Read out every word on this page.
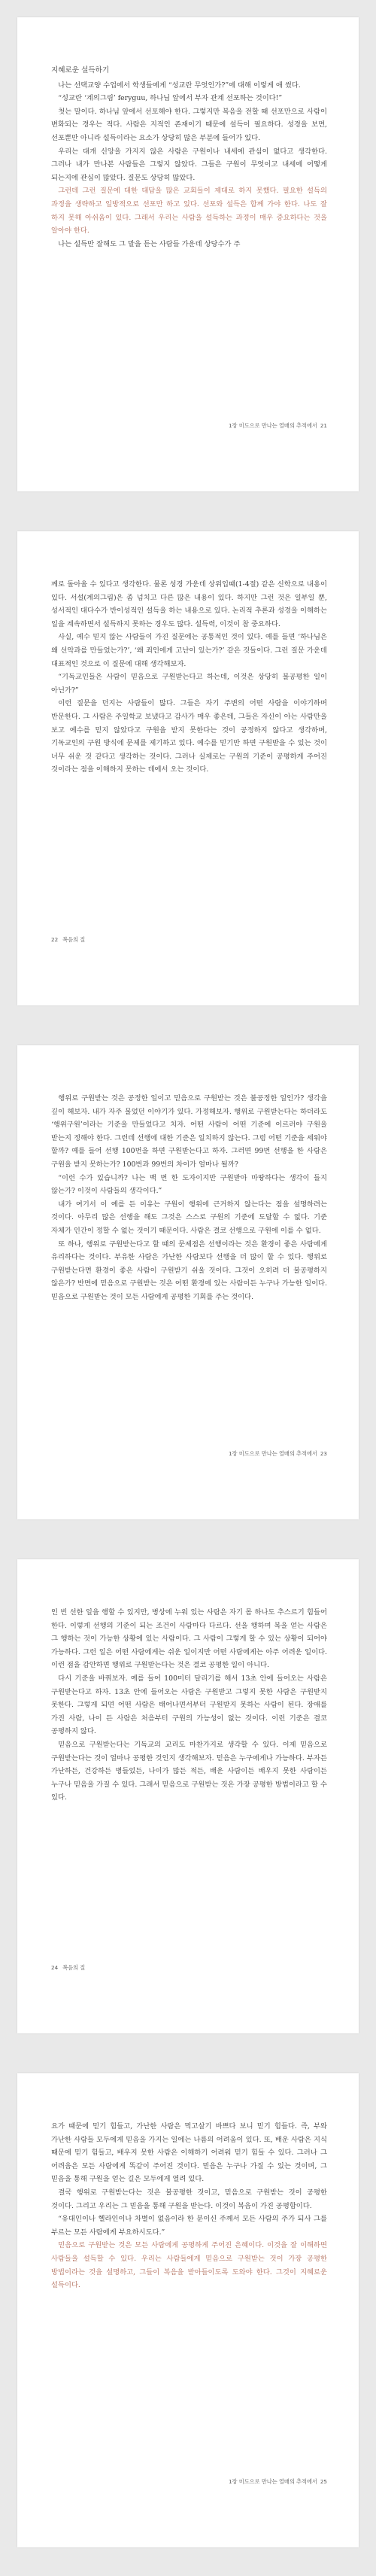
지혜로운 설득하기

나는 선택교양 수업에서 학생들에게 “성교란 무엇인가?”에 대해 이렇게 애 썼다.

“성교란 ‘계의그림’ feryguu, 하나님 앞에서 부자 관계 선포하는 것이다!”

첫는 말이다. 하나님 앞에서 선포해야 한다. 그렇지만 복음을 전할 때 선포만으로 사람이 변화되는 경우는 적다. 사람은 지적인 존재이기 때문에 설득이 필요하다. 성경을 보면, 선포뿐만 아니라 설득이라는 요소가 상당히 많은 부분에 들어가 있다.

우리는 대개 신앙을 가지지 않은 사람은 구원이나 내세에 관심이 없다고 생각한다. 그러나 내가 만나본 사람들은 그렇지 않았다. 그들은 구원이 무엇이고 내세에 어떻게 되는지에 관심이 많았다. 질문도 상당히 많았다.

그런데 그런 질문에 대한 대답을 많은 교회들이 제대로 하지 못했다. 필요한 설득의 과정을 생략하고 일방적으로 선포만 하고 있다. 선포와 설득은 함께 가야 한다. 나도 잘 하지 못해 아쉬움이 있다. 그래서 우리는 사람을 설득하는 과정이 매우 중요하다는 것을 알아야 한다.

나는 설득만 잘해도 그 말을 듣는 사람들 가운데 상당수가 주

1장 미도으로 만나는 열매의 추적에서 21

께로 돌아올 수 있다고 생각한다. 물론 성경 가운데 상위입때(1-4절) 같은 신학으로 내용이 있다. 서설(계의그림)은 좀 넘치고 다른 많은 내용이 있다. 하지만 그런 것은 일부일 뿐, 성서적인 대다수가 반이성적인 설득을 하는 내용으로 있다. 논리적 추론과 성경을 이해하는 일을 계속하면서 설득하지 못하는 경우도 많다. 설득력, 이것이 참 중요하다.

사실, 예수 믿지 않는 사람들이 가진 질문에는 공통적인 것이 있다. 예를 들면 ‘하나님은 왜 선악과를 만들었는가?’, ‘왜 죄인에게 고난이 있는가?’ 같은 것들이다. 그런 질문 가운데 대표적인 것으로 이 질문에 대해 생각해보자.

“기독교인들은 사람이 믿음으로 구원받는다고 하는데, 이것은 상당히 불공평한 일이 아닌가?”

이런 질문을 던지는 사람들이 많다. 그들은 자기 주변의 어떤 사람을 이야기하며 반문한다. 그 사람은 주일학교 보냈다고 감사가 매우 좋은데, 그들은 자신이 아는 사람만을 보고 예수를 믿지 않았다고 구원을 받지 못한다는 것이 공정하지 않다고 생각하며, 기독교인의 구원 방식에 문제를 제기하고 있다. 예수를 믿기만 하면 구원받을 수 있는 것이 너무 쉬운 것 같다고 생각하는 것이다. 그러나 실제로는 구원의 기준이 공평하게 주어진 것이라는 점을 이해하지 못하는 데에서 오는 것이다.

22 복음의 질

행위로 구원받는 것은 공정한 일이고 믿음으로 구원받는 것은 불공정한 일인가? 생각을 깊이 해보자. 내가 자주 물었던 이야기가 있다. 가정해보자. 행위로 구원받는다는 하더라도 ‘행위구원’이라는 기준을 만들었다고 치자. 어떤 사람이 어떤 기준에 이르러야 구원을 받는지 정해야 한다. 그런데 선행에 대한 기준은 일치하지 않는다. 그럼 어떤 기준을 세워야 할까? 예를 들어 선행 100번을 하면 구원받는다고 하자. 그러면 99번 선행을 한 사람은 구원을 받지 못하는가? 100번과 99번의 차이가 얼마나 될까?

“이런 수가 있습니까? 나는 백 번 한 도자이지만 구원받아 마땅하다는 생각이 들지 않는가? 이것이 사람들의 생각이다.”

내가 여기서 이 예를 든 이유는 구원이 행위에 근거하지 않는다는 점을 설명하려는 것이다. 아무리 많은 선행을 해도 그것은 스스로 구원의 기준에 도달할 수 없다. 기준 자체가 인간이 정할 수 없는 것이기 때문이다. 사람은 결코 선행으로 구원에 이를 수 없다.

또 하나, 행위로 구원받는다고 할 때의 문제점은 선행이라는 것은 환경이 좋은 사람에게 유리하다는 것이다. 부유한 사람은 가난한 사람보다 선행을 더 많이 할 수 있다. 행위로 구원받는다면 환경이 좋은 사람이 구원받기 쉬울 것이다. 그것이 오히려 더 불공평하지 않은가? 반면에 믿음으로 구원받는 것은 어떤 환경에 있는 사람이든 누구나 가능한 일이다. 믿음으로 구원받는 것이 모든 사람에게 공평한 기회를 주는 것이다.

1장 미도으로 만나는 열매의 추적에서 23

인 빈 선한 일을 행할 수 있지만, 병상에 누워 있는 사람은 자기 몸 하나도 추스르기 힘들어 한다. 이렇게 선행의 기준이 되는 조건이 사람마다 다르다. 선을 행하며 복을 얻는 사람은 그 행하는 것이 가능한 상황에 있는 사람이다. 그 사람이 그렇게 할 수 있는 상황이 되어야 가능하다. 그런 일은 어떤 사람에게는 쉬운 일이지만 어떤 사람에게는 아주 어려운 일이다. 이런 점을 감안하면 행위로 구원받는다는 것은 결코 공평한 일이 아니다.

다시 기준을 바꿔보자. 예를 들어 100미터 달리기를 해서 13초 안에 들어오는 사람은 구원받는다고 하자. 13초 안에 들어오는 사람은 구원받고 그렇지 못한 사람은 구원받지 못한다. 그렇게 되면 어떤 사람은 태어나면서부터 구원받지 못하는 사람이 된다. 장애를 가진 사람, 나이 든 사람은 처음부터 구원의 가능성이 없는 것이다. 이런 기준은 결코 공평하지 않다.

믿음으로 구원받는다는 기독교의 교리도 마찬가지로 생각할 수 있다. 이제 믿음으로 구원받는다는 것이 얼마나 공평한 것인지 생각해보자. 믿음은 누구에게나 가능하다. 부자든 가난하든, 건강하든 병들었든, 나이가 많든 적든, 배운 사람이든 배우지 못한 사람이든 누구나 믿음을 가질 수 있다. 그래서 믿음으로 구원받는 것은 가장 공평한 방법이라고 할 수 있다.

24 복음의 질

요가 때문에 믿기 힘들고, 가난한 사람은 먹고살기 바쁘다 보니 믿기 힘들다. 즉, 부와 가난한 사람들 모두에게 믿음을 가지는 일에는 나름의 어려움이 있다. 또, 배운 사람은 지식 때문에 믿기 힘들고, 배우지 못한 사람은 이해하기 어려워 믿기 힘들 수 있다. 그러나 그 어려움은 모든 사람에게 똑같이 주어진 것이다. 믿음은 누구나 가질 수 있는 것이며, 그 믿음을 통해 구원을 얻는 길은 모두에게 열려 있다.

결국 행위로 구원받는다는 것은 불공평한 것이고, 믿음으로 구원받는 것이 공평한 것이다. 그리고 우리는 그 믿음을 통해 구원을 받는다. 이것이 복음이 가진 공평함이다.

“유대인이나 헬라인이나 차별이 없음이라 한 분이신 주께서 모든 사람의 주가 되사 그를 부르는 모든 사람에게 부요하시도다.”

믿음으로 구원받는 것은 모든 사람에게 공평하게 주어진 은혜이다. 이것을 잘 이해하면 사람들을 설득할 수 있다. 우리는 사람들에게 믿음으로 구원받는 것이 가장 공평한 방법이라는 것을 설명하고, 그들이 복음을 받아들이도록 도와야 한다. 그것이 지혜로운 설득이다.

1장 미도으로 만나는 열매의 추적에서 25
